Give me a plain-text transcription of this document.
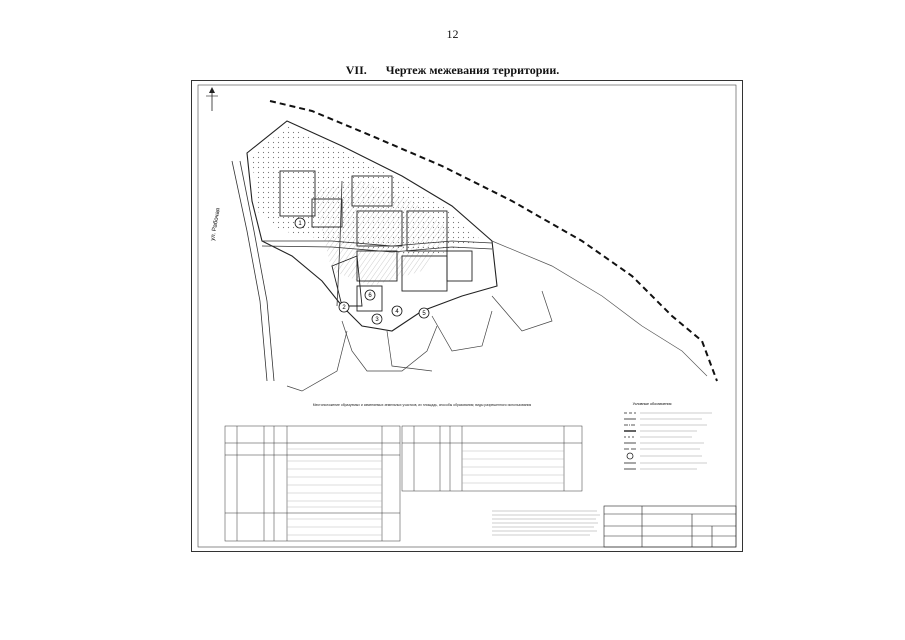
12
VII. Чертеж межевания территории.
ул. Рабочая	1
2
3
4	5
6
Местоположение образуемых и изменяемых земельных участков, их площадь, способы образования; виды разрешенного использования	Условные обозначения
